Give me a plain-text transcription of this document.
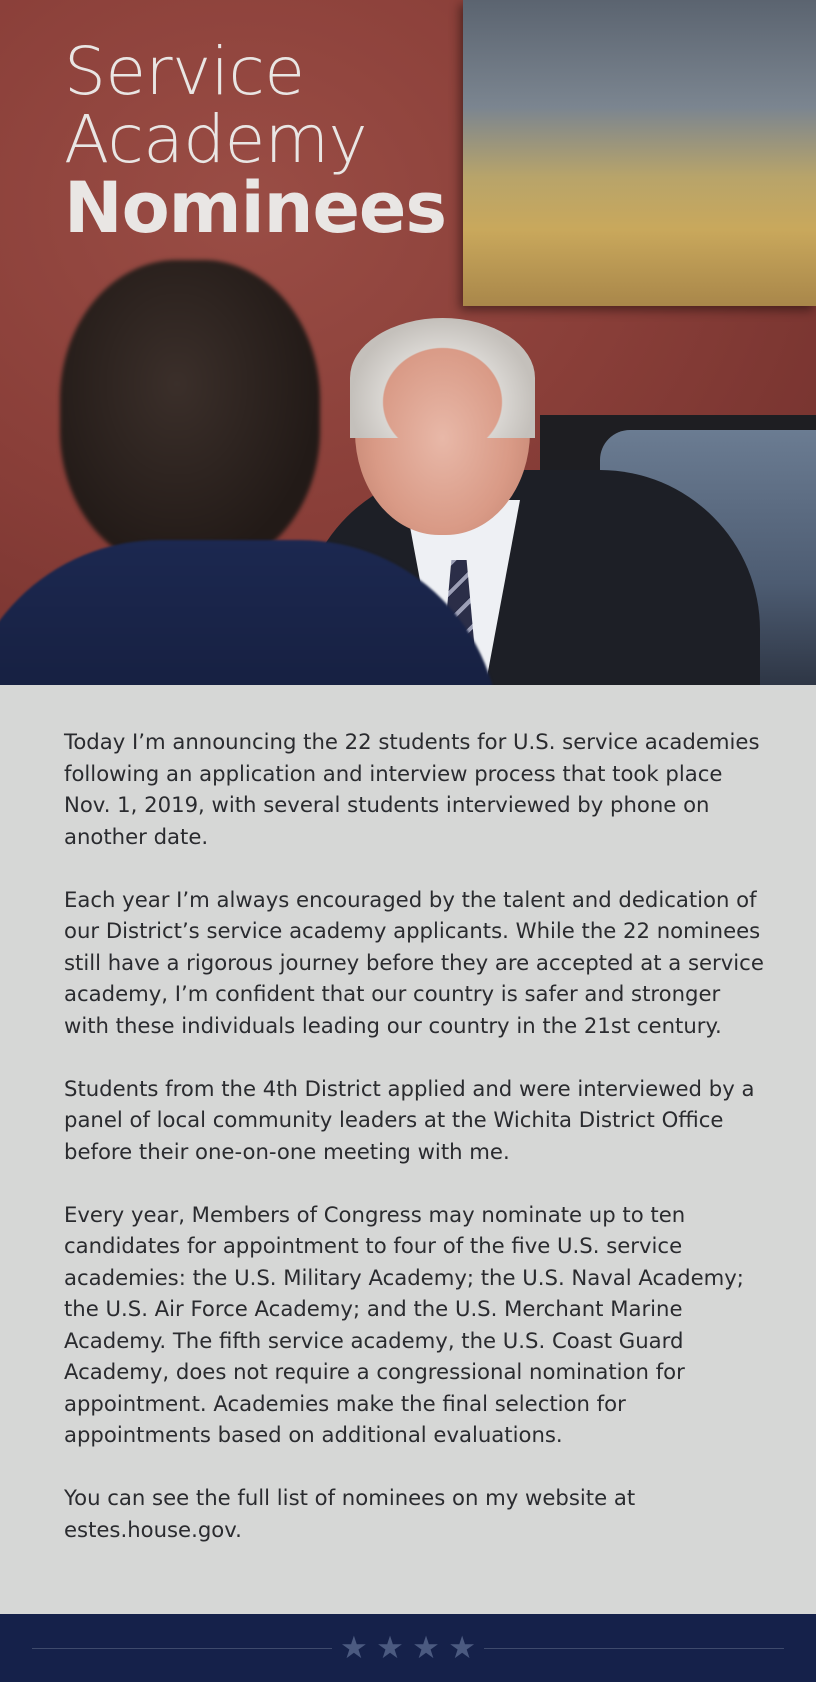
Service
Academy
Nominees

Today I’m announcing the 22 students for U.S. service academies following an application and interview process that took place Nov. 1, 2019, with several students interviewed by phone on another date.

Each year I’m always encouraged by the talent and dedication of our District’s service academy applicants. While the 22 nominees still have a rigorous journey before they are accepted at a service academy, I’m confident that our country is safer and stronger with these individuals leading our country in the 21st century.

Students from the 4th District applied and were interviewed by a panel of local community leaders at the Wichita District Office before their one-on-one meeting with me.

Every year, Members of Congress may nominate up to ten candidates for appointment to four of the five U.S. service academies: the U.S. Military Academy; the U.S. Naval Academy; the U.S. Air Force Academy; and the U.S. Merchant Marine Academy. The fifth service academy, the U.S. Coast Guard Academy, does not require a congressional nomination for appointment. Academies make the final selection for appointments based on additional evaluations.

You can see the full list of nominees on my website at estes.house.gov.

★ ★ ★ ★
